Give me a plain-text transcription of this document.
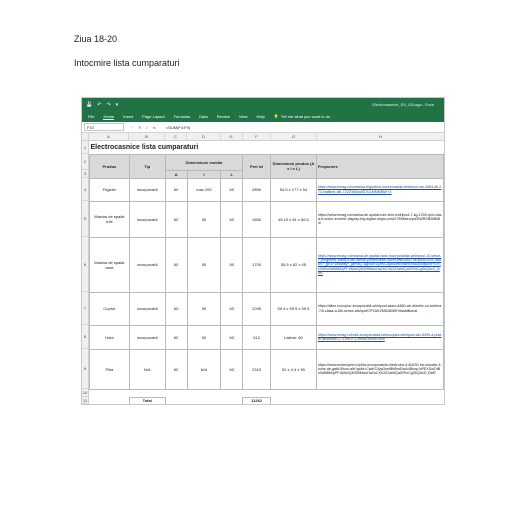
Ziua 18-20
Intocmire lista cumparaturi
💾 ↶ ↷ ▾	Electrocasnice_SV_03Loga - Exce
File Home Insert Page Layout Formulas Data Review View Help 💡 Tell me what you want to do
F10	⋮ ✕ ✓ fx	=SUM(F4:F9)
A	B	C	D	E	F	G	H
1
2
3
4
5
6
7
8
9
10
11
Electrocasnice lista cumparaturi							
Produs	Tip	Dimensiune mobila			Pret lei	Dimensiuni produs (A x I x L)	Propunere
		A	I	L			
Frigider	incorporabil	60	max 200	60	2850	54.5 x 177 x 54	https://www.emag.ro/combina-frigorifica-incorporabila-whirlpool-sm-4584-dfl-273-inaltime-alb-7222065/pd/D7DLMMMBM/?X
Masina de spalat rufe	incorporabil	60	90	60	1850	45.19 x 81 x 56.5	https://www.emag.ro/masina-de-spalat-rufe-slim-whirlpool-7-kg-1200-rpm-clasa-b-motor-inverter-display-big-digital-negru-wrsb7259bbeu/pd/DWRSBZMBB4/
Masina de spalat vase	incorporabil	60	90	50	1700	55.5 x 82 x 45	https://www.emag.ro/masina-de-spalat-vase-incorporabila-whirlpool-10-seturi-7-programe-clasa-e-6th-sense-powerclean-45cm-wsic3m27ce/pd/DGN3738BM/?_gl=1*1wfdnsy*_ga*MQ..&gclid=CjwKCAjw3ueiBhBmEiwA4BhspJxPEXSxIOtBu9d6f8kKpPFd5AhlQMSl9MwcHaZsCX6JO2sb5QalGRoCgSkQAvD_BwE
Cuptor	incorporabil	60	90	60	2035	59.4 x 59.5 x 59.5	https://altex.ro/cuptor-incorporabil-whirlpool-akzm-8480-wh-electric-cu-turbina-74l-clasa-a-6th-sense-alb/cpd/CPXAKZM8480WH/#additional
Hota	incorporabil	60	60	60	512	Latime: 60	https://www.emag.ro/hota-incorporabila-telescopica-whirlpool-akr-5390-a-putere-absorbtie-271-mc-h-1-motor-60cm-inox
Plita	N/A	60	N/A	60	2315	52 x 4.4 x 59	https://www.mobexpert.ro/plita-incorporabila-electrolux-it-60430-ba-inductie-4-zone-de-gatit-59cm-alb?gclid=CjwKCAjw3ueiBhBmEiwA4BhspJxPEXSxIOtBu9d6f8kKpPFd5AhlQMSl9MwcHaZsCX6JO2sb5QalGRoCgSkQAvD_BwE

	Total				11262		
